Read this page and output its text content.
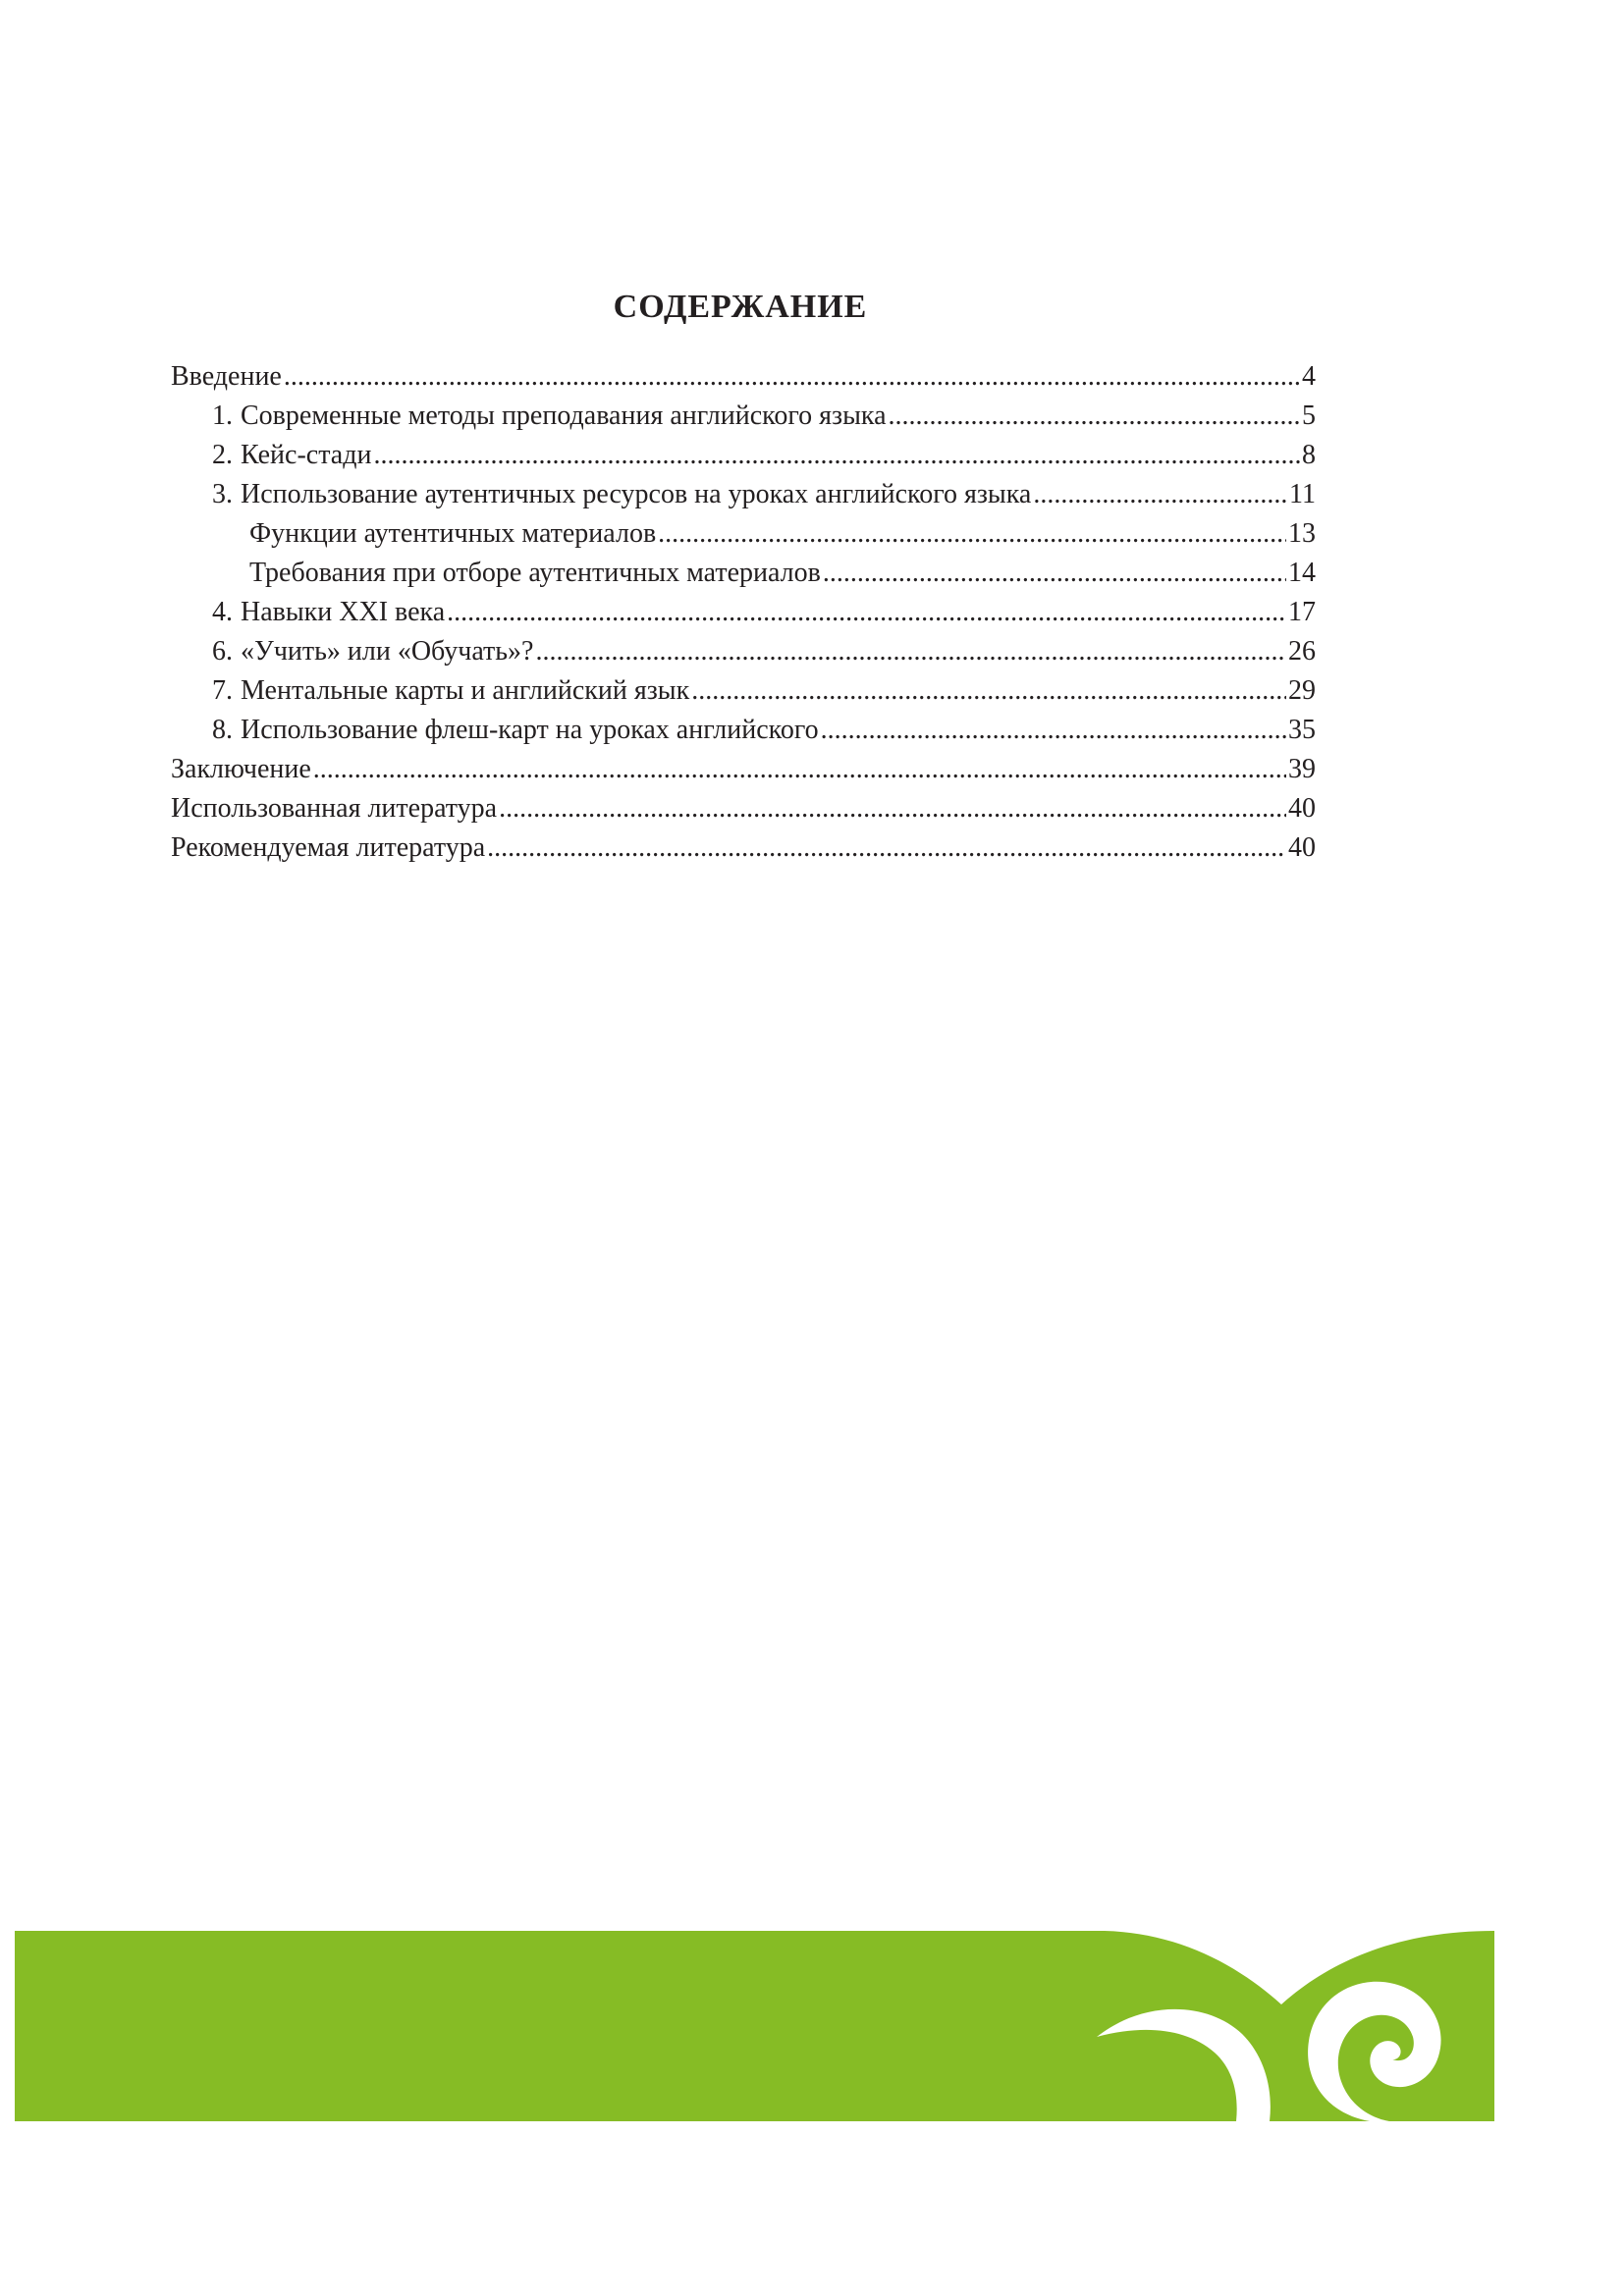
СОДЕРЖАНИЕ
Введение .....	4
1. Современные методы преподавания английского языка .....	5
2. Кейс-стади .....	8
3. Использование аутентичных ресурсов на уроках английского языка .....	11
Функции аутентичных материалов .....	13
Требования при отборе аутентичных материалов .....	14
4. Навыки XXI века .....	17
6. «Учить» или «Обучать»? .....	26
7. Ментальные карты и английский язык .....	29
8. Использование флеш-карт на уроках английского .....	35
Заключение .....	39
Использованная литература .....	40
Рекомендуемая литература .....	40
